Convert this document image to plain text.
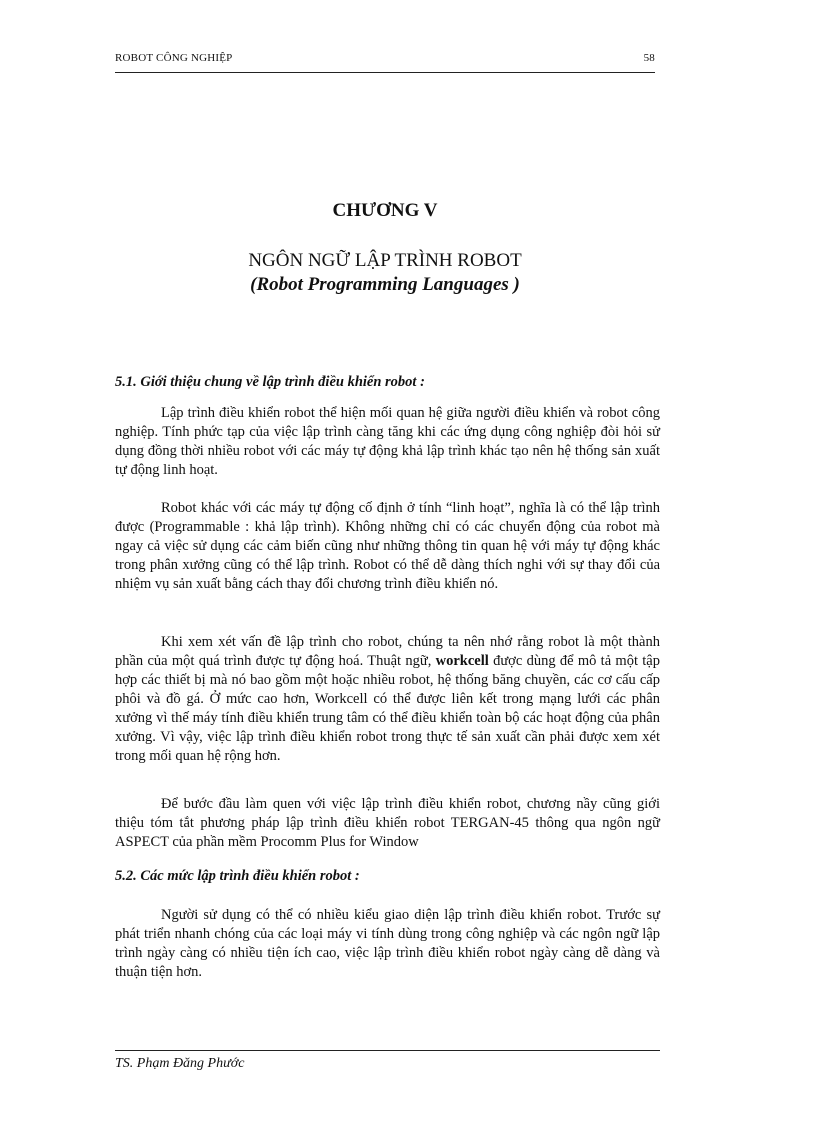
ROBOT CÔNG NGHIỆP	58
CHƯƠNG V
NGÔN NGỮ LẬP TRÌNH ROBOT
(Robot Programming Languages )
5.1. Giới thiệu chung về lập trình điều khiển robot :

Lập trình điều khiển robot thể hiện mối quan hệ giữa người điều khiển và robot công nghiệp. Tính phức tạp của việc lập trình càng tăng khi các ứng dụng công nghiệp đòi hỏi sử dụng đồng thời nhiều robot với các máy tự động khả lập trình khác tạo nên hệ thống sản xuất tự động linh hoạt.

Robot khác với các máy tự động cố định ở tính “linh hoạt”, nghĩa là có thể lập trình được (Programmable : khả lập trình). Không những chỉ có các chuyển động của robot mà ngay cả việc sử dụng các cảm biến cũng như những thông tin quan hệ với máy tự động khác trong phân xưởng cũng có thể lập trình. Robot có thể dễ dàng thích nghi với sự thay đổi của nhiệm vụ sản xuất bằng cách thay đổi chương trình điều khiển nó.

Khi xem xét vấn đề lập trình cho robot, chúng ta nên nhớ rằng robot là một thành phần của một quá trình được tự động hoá. Thuật ngữ, workcell được dùng để mô tả một tập hợp các thiết bị mà nó bao gồm một hoặc nhiều robot, hệ thống băng chuyền, các cơ cấu cấp phôi và đồ gá. Ở mức cao hơn, Workcell có thể được liên kết trong mạng lưới các phân xưởng vì thế máy tính điều khiển trung tâm có thể điều khiển toàn bộ các hoạt động của phân xưởng. Vì vậy, việc lập trình điều khiển robot trong thực tế sản xuất cần phải được xem xét trong mối quan hệ rộng hơn.

Để bước đầu làm quen với việc lập trình điều khiển robot, chương nầy cũng giới thiệu tóm tắt phương pháp lập trình điều khiển robot TERGAN-45 thông qua ngôn ngữ ASPECT của phần mềm Procomm Plus for Window

5.2. Các mức lập trình điều khiển robot :

Người sử dụng có thể có nhiều kiểu giao diện lập trình điều khiển robot. Trước sự phát triển nhanh chóng của các loại máy vi tính dùng trong công nghiệp và các ngôn ngữ lập trình ngày càng có nhiều tiện ích cao, việc lập trình điều khiển robot ngày càng dễ dàng và thuận tiện hơn.

TS. Phạm Đăng Phước
